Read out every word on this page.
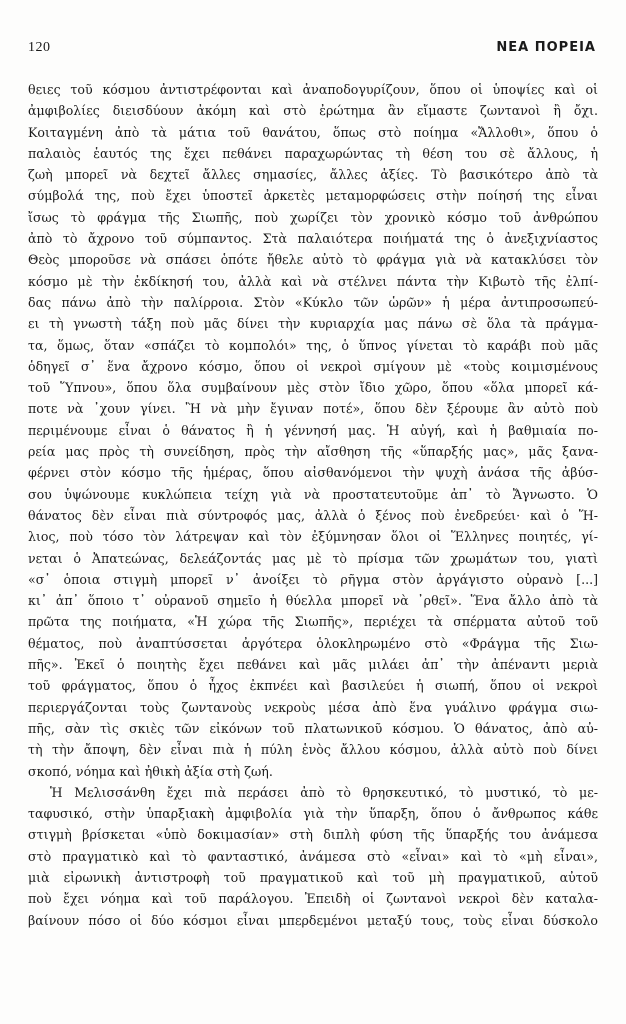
120	ΝΕΑ ΠΟΡΕΙΑ
θειες τοῦ κόσμου ἀντιστρέφονται καὶ ἀναποδογυρίζουν, ὅπου οἱ ὑποψίες καὶ οἱ
ἀμφιβολίες διεισδύουν ἀκόμη καὶ στὸ ἐρώτημα ἂν εἴμαστε ζωντανοὶ ἢ ὄχι.
Κοιταγμένη ἀπὸ τὰ μάτια τοῦ θανάτου, ὅπως στὸ ποίημα «Ἄλλοθι», ὅπου ὁ
παλαιὸς ἑαυτός της ἔχει πεθάνει παραχωρώντας τὴ θέση του σὲ ἄλλους, ἡ
ζωὴ μπορεῖ νὰ δεχτεῖ ἄλλες σημασίες, ἄλλες ἀξίες. Τὸ βασικότερο ἀπὸ τὰ
σύμβολά της, ποὺ ἔχει ὑποστεῖ ἀρκετὲς μεταμορφώσεις στὴν ποίησή της εἶναι
ἴσως τὸ φράγμα τῆς Σιωπῆς, ποὺ χωρίζει τὸν χρονικὸ κόσμο τοῦ ἀνθρώπου
ἀπὸ τὸ ἄχρονο τοῦ σύμπαντος. Στὰ παλαιότερα ποιήματά της ὁ ἀνεξιχνίαστος
Θεὸς μποροῦσε νὰ σπάσει ὁπότε ἤθελε αὐτὸ τὸ φράγμα γιὰ νὰ κατακλύσει τὸν
κόσμο μὲ τὴν ἐκδίκησή του, ἀλλὰ καὶ νὰ στέλνει πάντα τὴν Κιβωτὸ τῆς ἐλπί-
δας πάνω ἀπὸ τὴν παλίρροια. Στὸν «Κύκλο τῶν ὡρῶν» ἡ μέρα ἀντιπροσωπεύ-
ει τὴ γνωστὴ τάξη ποὺ μᾶς δίνει τὴν κυριαρχία μας πάνω σὲ ὅλα τὰ πράγμα-
τα, ὅμως, ὅταν «σπάζει τὸ κομπολόι» της, ὁ ὕπνος γίνεται τὸ καράβι ποὺ μᾶς
ὁδηγεῖ σ᾿ ἕνα ἄχρονο κόσμο, ὅπου οἱ νεκροὶ σμίγουν μὲ «τοὺς κοιμισμένους
τοῦ Ὕπνου», ὅπου ὅλα συμβαίνουν μὲς στὸν ἴδιο χῶρο, ὅπου «ὅλα μπορεῖ κά-
ποτε νὰ ᾿χουν γίνει. Ἢ νὰ μὴν ἔγιναν ποτέ», ὅπου δὲν ξέρουμε ἂν αὐτὸ ποὺ
περιμένουμε εἶναι ὁ θάνατος ἢ ἡ γέννησή μας. Ἡ αὐγή, καὶ ἡ βαθμιαία πο-
ρεία μας πρὸς τὴ συνείδηση, πρὸς τὴν αἴσθηση τῆς «ὕπαρξής μας», μᾶς ξανα-
φέρνει στὸν κόσμο τῆς ἡμέρας, ὅπου αἰσθανόμενοι τὴν ψυχὴ ἀνάσα τῆς ἀβύσ-
σου ὑψώνουμε κυκλώπεια τείχη γιὰ νὰ προστατευτοῦμε ἀπ᾿ τὸ Ἄγνωστο. Ὁ
θάνατος δὲν εἶναι πιὰ σύντροφός μας, ἀλλὰ ὁ ξένος ποὺ ἐνεδρεύει· καὶ ὁ Ἥ-
λιος, ποὺ τόσο τὸν λάτρεψαν καὶ τὸν ἐξύμνησαν ὅλοι οἱ Ἕλληνες ποιητές, γί-
νεται ὁ Ἀπατεώνας, δελεάζοντάς μας μὲ τὸ πρίσμα τῶν χρωμάτων του, γιατὶ
«σ᾿ ὁποια στιγμὴ μπορεῖ ν᾿ ἀνοίξει τὸ ρῆγμα στὸν ἀργάγιστο οὐρανὸ [...]
κι᾿ ἀπ᾿ ὅποιο τ᾿ οὐρανοῦ σημεῖο ἡ θύελλα μπορεῖ νὰ ᾿ρθεῖ». Ἕνα ἄλλο ἀπὸ τὰ
πρῶτα της ποιήματα, «Ἡ χώρα τῆς Σιωπῆς», περιέχει τὰ σπέρματα αὐτοῦ τοῦ
θέματος, ποὺ ἀναπτύσσεται ἀργότερα ὁλοκληρωμένο στὸ «Φράγμα τῆς Σιω-
πῆς». Ἐκεῖ ὁ ποιητὴς ἔχει πεθάνει καὶ μᾶς μιλάει ἀπ᾿ τὴν ἀπέναντι μεριὰ
τοῦ φράγματος, ὅπου ὁ ἦχος ἐκπνέει καὶ βασιλεύει ἡ σιωπή, ὅπου οἱ νεκροὶ
περιεργάζονται τοὺς ζωντανοὺς νεκροὺς μέσα ἀπὸ ἕνα γυάλινο φράγμα σιω-
πῆς, σὰν τὶς σκιὲς τῶν εἰκόνων τοῦ πλατωνικοῦ κόσμου. Ὁ θάνατος, ἀπὸ αὐ-
τὴ τὴν ἄποψη, δὲν εἶναι πιὰ ἡ πύλη ἑνὸς ἄλλου κόσμου, ἀλλὰ αὐτὸ ποὺ δίνει
σκοπό, νόημα καὶ ἠθικὴ ἀξία στὴ ζωή.
Ἡ Μελισσάνθη ἔχει πιὰ περάσει ἀπὸ τὸ θρησκευτικό, τὸ μυστικό, τὸ με-
ταφυσικό, στὴν ὑπαρξιακὴ ἀμφιβολία γιὰ τὴν ὕπαρξη, ὅπου ὁ ἄνθρωπος κάθε
στιγμὴ βρίσκεται «ὑπὸ δοκιμασίαν» στὴ διπλὴ φύση τῆς ὕπαρξής του ἀνάμεσα
στὸ πραγματικὸ καὶ τὸ φανταστικό, ἀνάμεσα στὸ «εἶναι» καὶ τὸ «μὴ εἶναι»,
μιὰ εἰρωνικὴ ἀντιστροφὴ τοῦ πραγματικοῦ καὶ τοῦ μὴ πραγματικοῦ, αὐτοῦ
ποὺ ἔχει νόημα καὶ τοῦ παράλογου. Ἐπειδὴ οἱ ζωντανοὶ νεκροὶ δὲν καταλα-
βαίνουν πόσο οἱ δύο κόσμοι εἶναι μπερδεμένοι μεταξύ τους, τοὺς εἶναι δύσκολο
